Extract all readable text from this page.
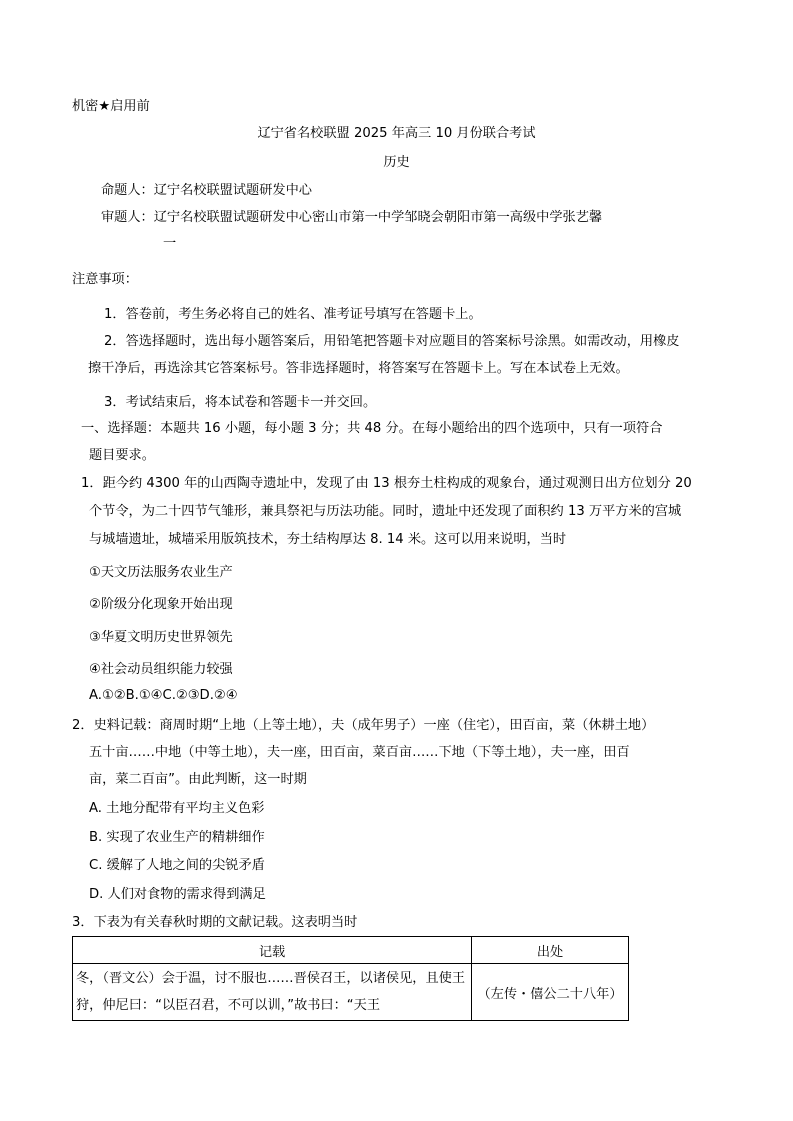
机密★启用前
辽宁省名校联盟 2025 年高三 10 月份联合考试
历史
命题人：辽宁名校联盟试题研发中心
审题人：辽宁名校联盟试题研发中心密山市第一中学邹晓会朝阳市第一高级中学张艺馨
一
注意事项：
1．答卷前，考生务必将自己的姓名、准考证号填写在答题卡上。
2．答选择题时，选出每小题答案后，用铅笔把答题卡对应题目的答案标号涂黑。如需改动，用橡皮
擦干净后，再选涂其它答案标号。答非选择题时，将答案写在答题卡上。写在本试卷上无效。
3．考试结束后，将本试卷和答题卡一并交回。
一、选择题：本题共 16 小题，每小题 3 分；共 48 分。在每小题给出的四个选项中，只有一项符合
题目要求。
1．距今约 4300 年的山西陶寺遗址中，发现了由 13 根夯土柱构成的观象台，通过观测日出方位划分 20
个节令，为二十四节气雏形，兼具祭祀与历法功能。同时，遗址中还发现了面积约 13 万平方米的宫城
与城墙遗址，城墙采用版筑技术，夯土结构厚达 8. 14 米。这可以用来说明，当时
①天文历法服务农业生产
②阶级分化现象开始出现
③华夏文明历史世界领先
④社会动员组织能力较强
A.①②B.①④C.②③D.②④
2．史料记载：商周时期“上地（上等土地），夫（成年男子）一座（住宅），田百亩，菜（休耕土地）
五十亩……中地（中等土地），夫一座，田百亩，菜百亩……下地（下等土地），夫一座，田百
亩，菜二百亩”。由此判断，这一时期
A. 土地分配带有平均主义色彩
B. 实现了农业生产的精耕细作
C. 缓解了人地之间的尖锐矛盾
D. 人们对食物的需求得到满足
3．下表为有关春秋时期的文献记载。这表明当时
记载	出处
冬，（晋文公）会于温，讨不服也……晋侯召王，以诸侯见，且使王狩，仲尼曰：“以臣召君，不可以训，”故书曰：“天王	（左传・僖公二十八年）
